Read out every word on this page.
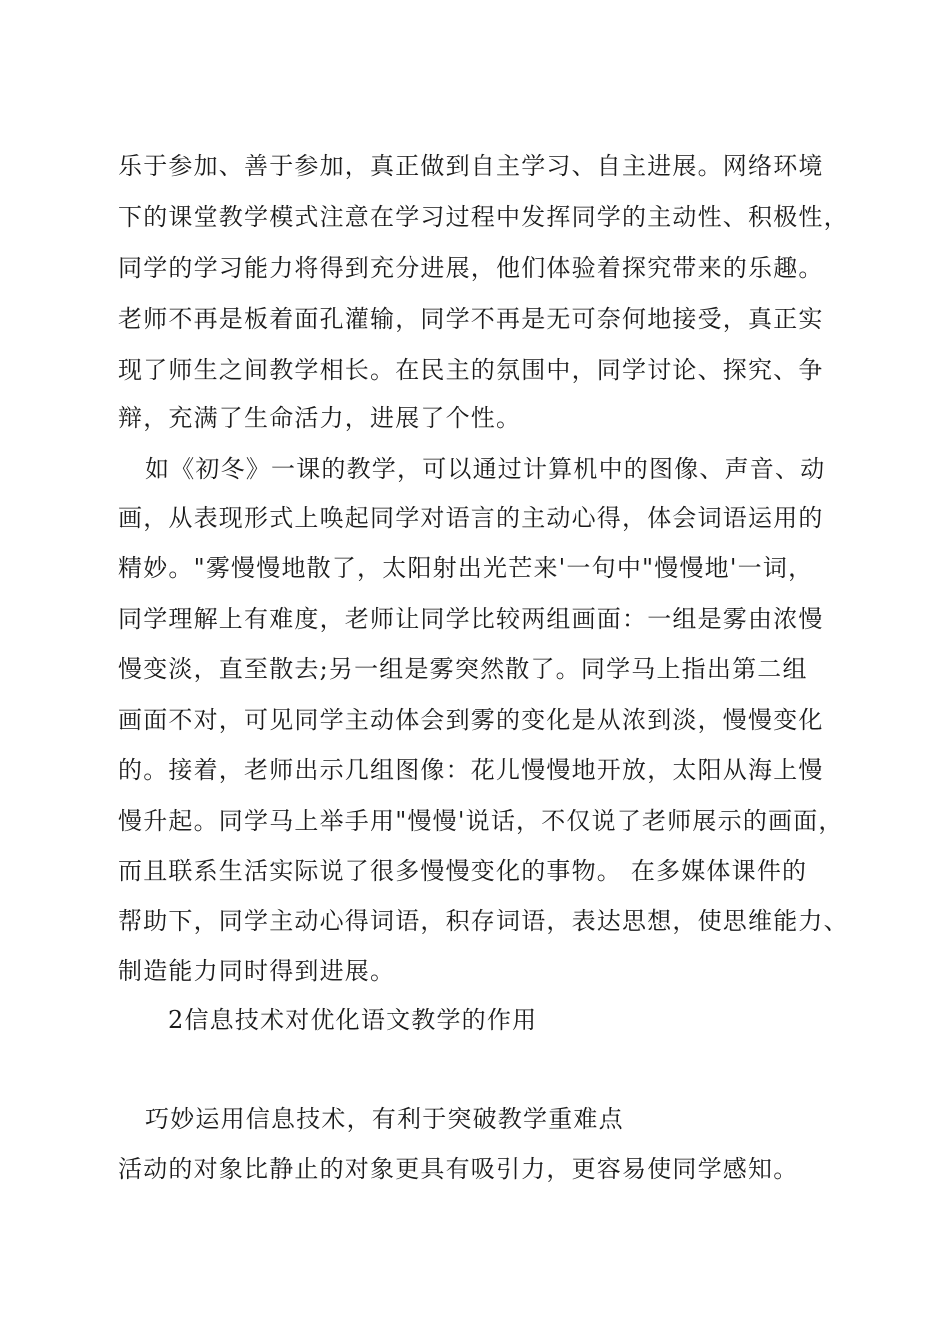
乐于参加、善于参加，真正做到自主学习、自主进展。网络环境
下的课堂教学模式注意在学习过程中发挥同学的主动性、积极性，
同学的学习能力将得到充分进展，他们体验着探究带来的乐趣。
老师不再是板着面孔灌输，同学不再是无可奈何地接受，真正实
现了师生之间教学相长。在民主的氛围中，同学讨论、探究、争
辩，充满了生命活力，进展了个性。
如《初冬》一课的教学，可以通过计算机中的图像、声音、动
画，从表现形式上唤起同学对语言的主动心得，体会词语运用的
精妙。"雾慢慢地散了，太阳射出光芒来'一句中"慢慢地'一词，
同学理解上有难度，老师让同学比较两组画面：一组是雾由浓慢
慢变淡，直至散去;另一组是雾突然散了。同学马上指出第二组
画面不对，可见同学主动体会到雾的变化是从浓到淡，慢慢变化
的。接着，老师出示几组图像：花儿慢慢地开放，太阳从海上慢
慢升起。同学马上举手用"慢慢'说话，不仅说了老师展示的画面，
而且联系生活实际说了很多慢慢变化的事物。 在多媒体课件的
帮助下，同学主动心得词语，积存词语，表达思想，使思维能力、
制造能力同时得到进展。
2信息技术对优化语文教学的作用
巧妙运用信息技术，有利于突破教学重难点
活动的对象比静止的对象更具有吸引力，更容易使同学感知。
